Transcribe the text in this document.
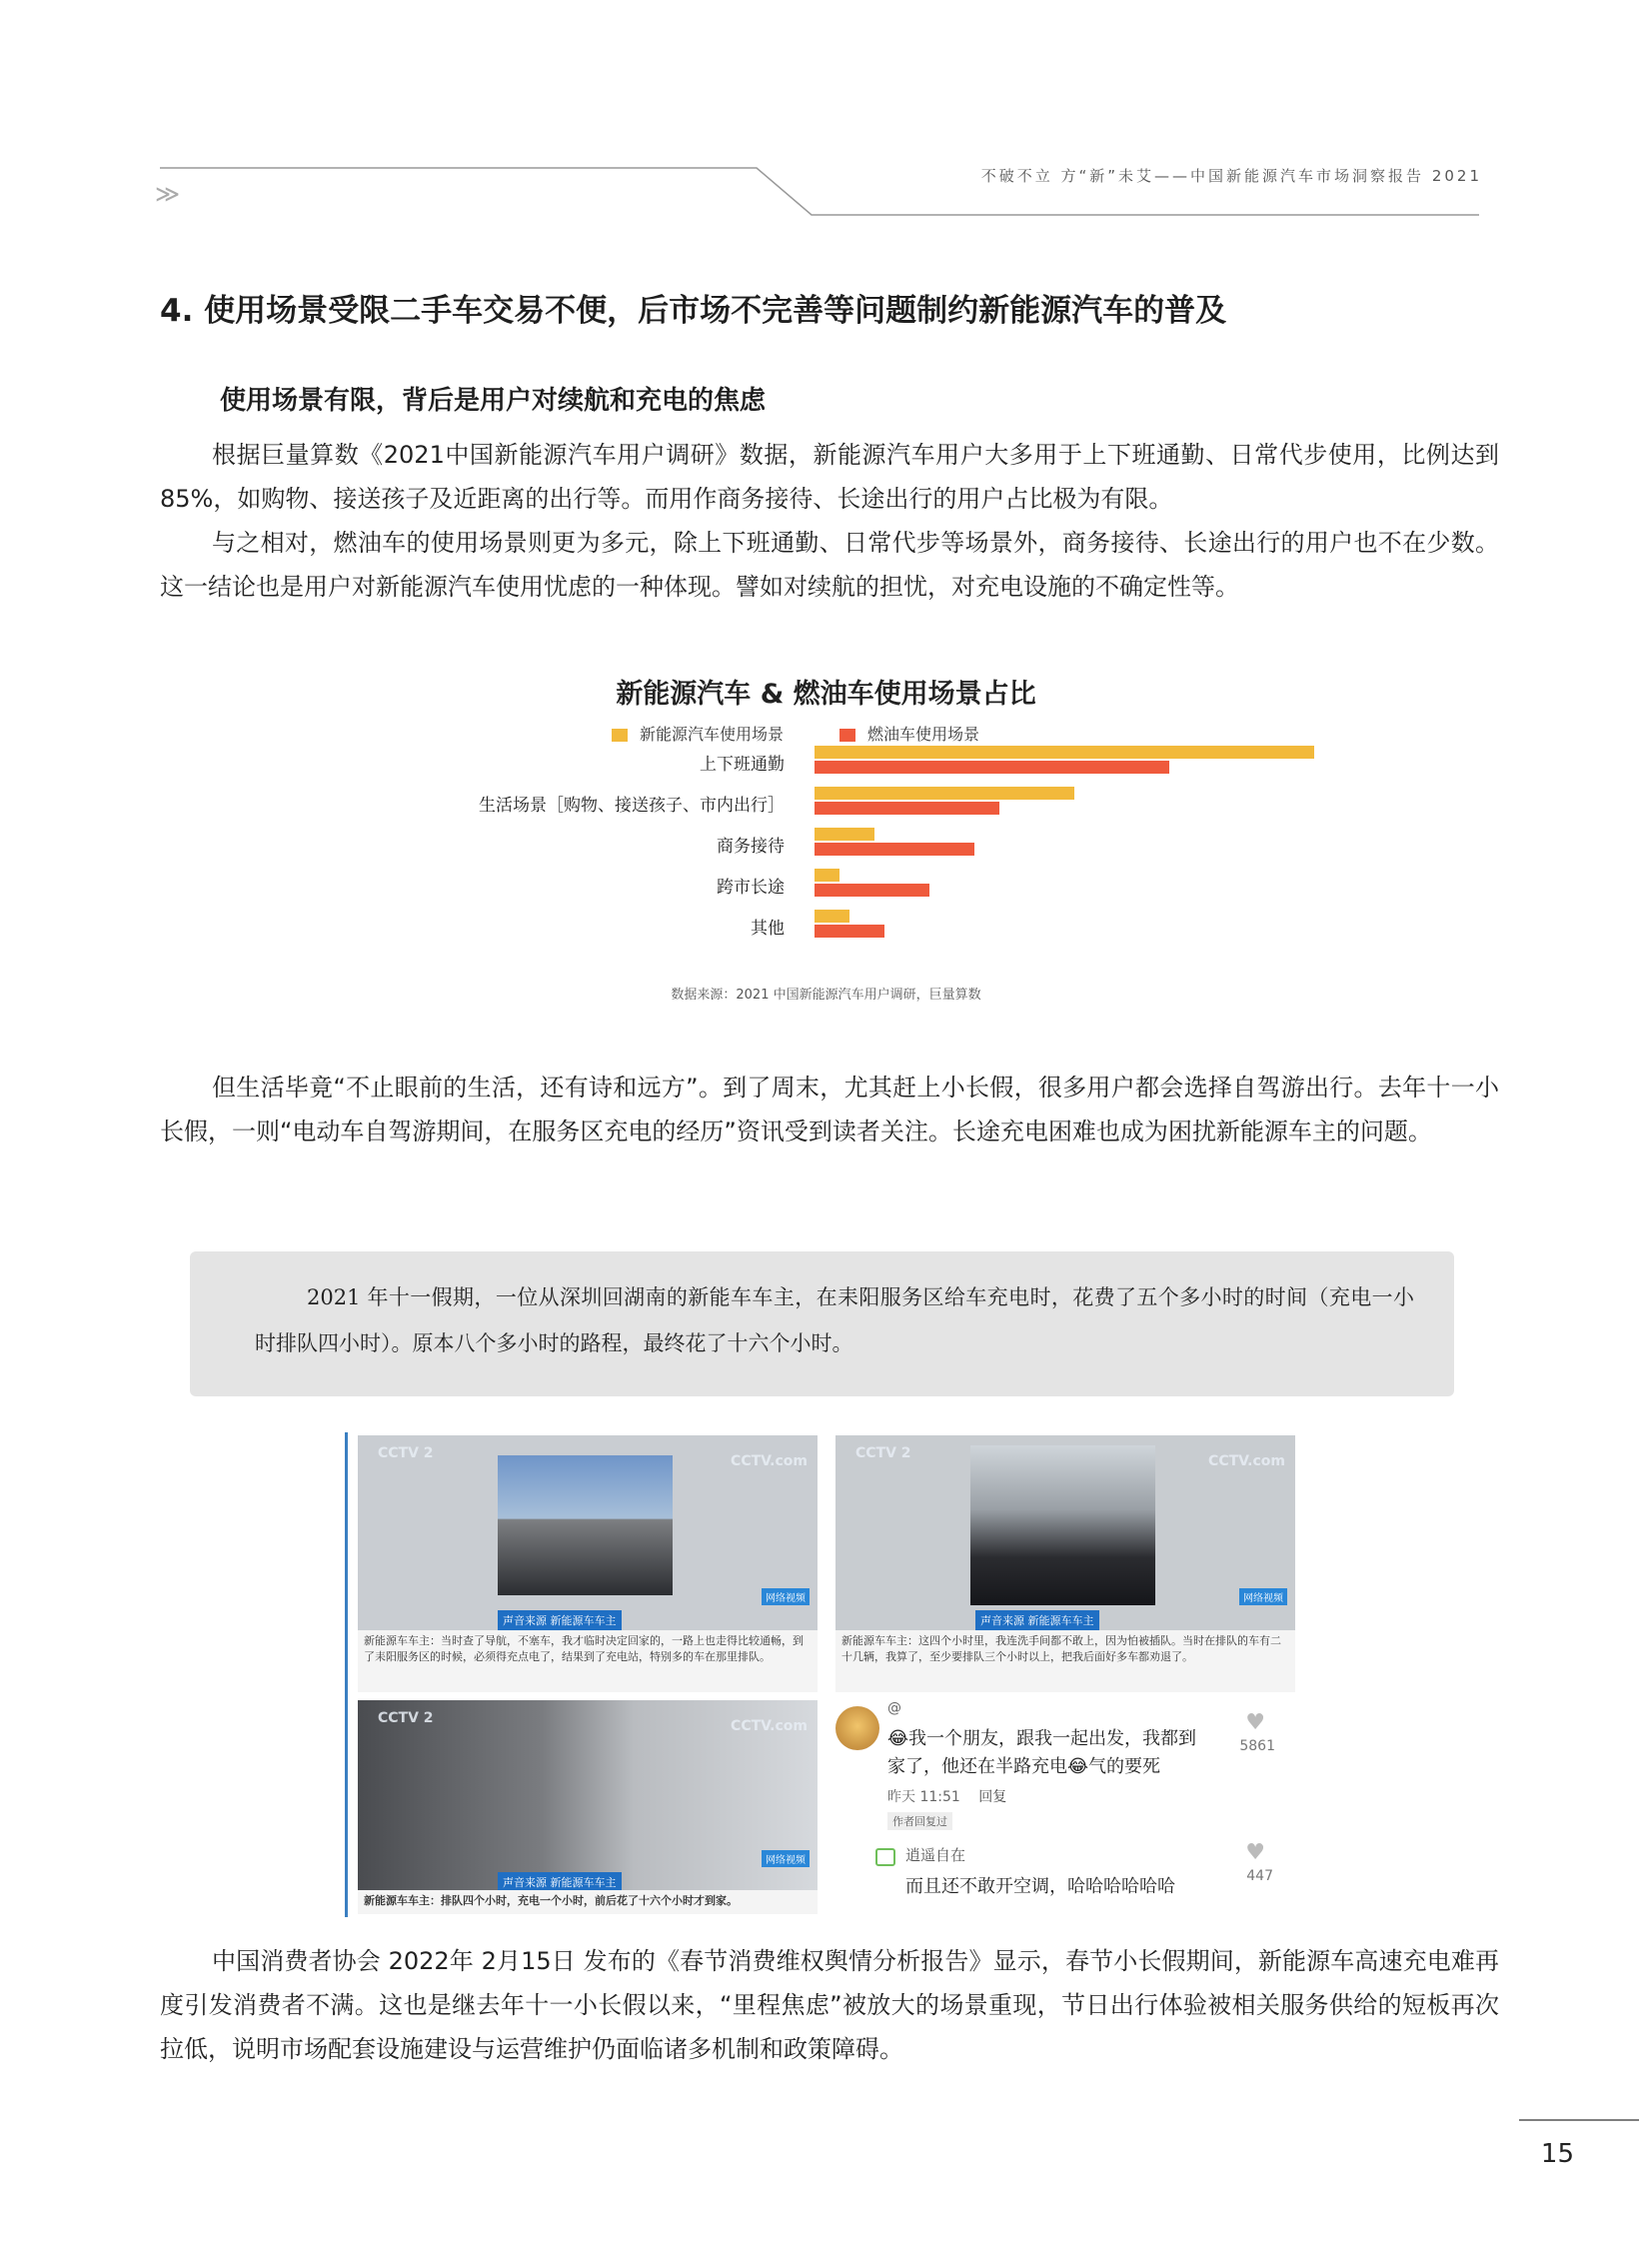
不破不立 方“新”未艾——中国新能源汽车市场洞察报告 2021
≫
4. 使用场景受限二手车交易不便，后市场不完善等问题制约新能源汽车的普及
使用场景有限，背后是用户对续航和充电的焦虑
根据巨量算数《2021中国新能源汽车用户调研》数据，新能源汽车用户大多用于上下班通勤、日常代步使用，比例达到 85%，如购物、接送孩子及近距离的出行等。而用作商务接待、长途出行的用户占比极为有限。
与之相对，燃油车的使用场景则更为多元，除上下班通勤、日常代步等场景外，商务接待、长途出行的用户也不在少数。这一结论也是用户对新能源汽车使用忧虑的一种体现。譬如对续航的担忧，对充电设施的不确定性等。
新能源汽车 & 燃油车使用场景占比
新能源汽车使用场景	燃油车使用场景
上下班通勤
生活场景［购物、接送孩子、市内出行］
商务接待
跨市长途
其他
数据来源：2021 中国新能源汽车用户调研，巨量算数
但生活毕竟“不止眼前的生活，还有诗和远方”。到了周末，尤其赶上小长假，很多用户都会选择自驾游出行。去年十一小长假，一则“电动车自驾游期间，在服务区充电的经历”资讯受到读者关注。长途充电困难也成为困扰新能源车主的问题。
2021 年十一假期，一位从深圳回湖南的新能车车主，在耒阳服务区给车充电时，花费了五个多小时的时间（充电一小时排队四小时）。原本八个多小时的路程，最终花了十六个小时。
CCTV 2	CCTV.com
网络视频
声音来源 新能源车车主
新能源车车主：当时查了导航，不塞车，我才临时决定回家的，一路上也走得比较通畅，到了耒阳服务区的时候，必须得充点电了，结果到了充电站，特别多的车在那里排队。
CCTV 2	CCTV.com
网络视频
声音来源 新能源车车主
新能源车车主：这四个小时里，我连洗手间都不敢上，因为怕被插队。当时在排队的车有二十几辆，我算了，至少要排队三个小时以上，把我后面好多车都劝退了。
CCTV 2	CCTV.com
网络视频
声音来源 新能源车车主
新能源车车主：排队四个小时，充电一个小时，前后花了十六个小时才到家。
@
😂我一个朋友，跟我一起出发，我都到
家了，他还在半路充电😂气的要死
昨天 11:51 回复
作者回复过
♥
5861
逍遥自在
而且还不敢开空调，哈哈哈哈哈哈
♥
447
中国消费者协会 2022年 2月15日 发布的《春节消费维权舆情分析报告》显示，春节小长假期间，新能源车高速充电难再度引发消费者不满。这也是继去年十一小长假以来，“里程焦虑”被放大的场景重现，节日出行体验被相关服务供给的短板再次拉低，说明市场配套设施建设与运营维护仍面临诸多机制和政策障碍。
15
